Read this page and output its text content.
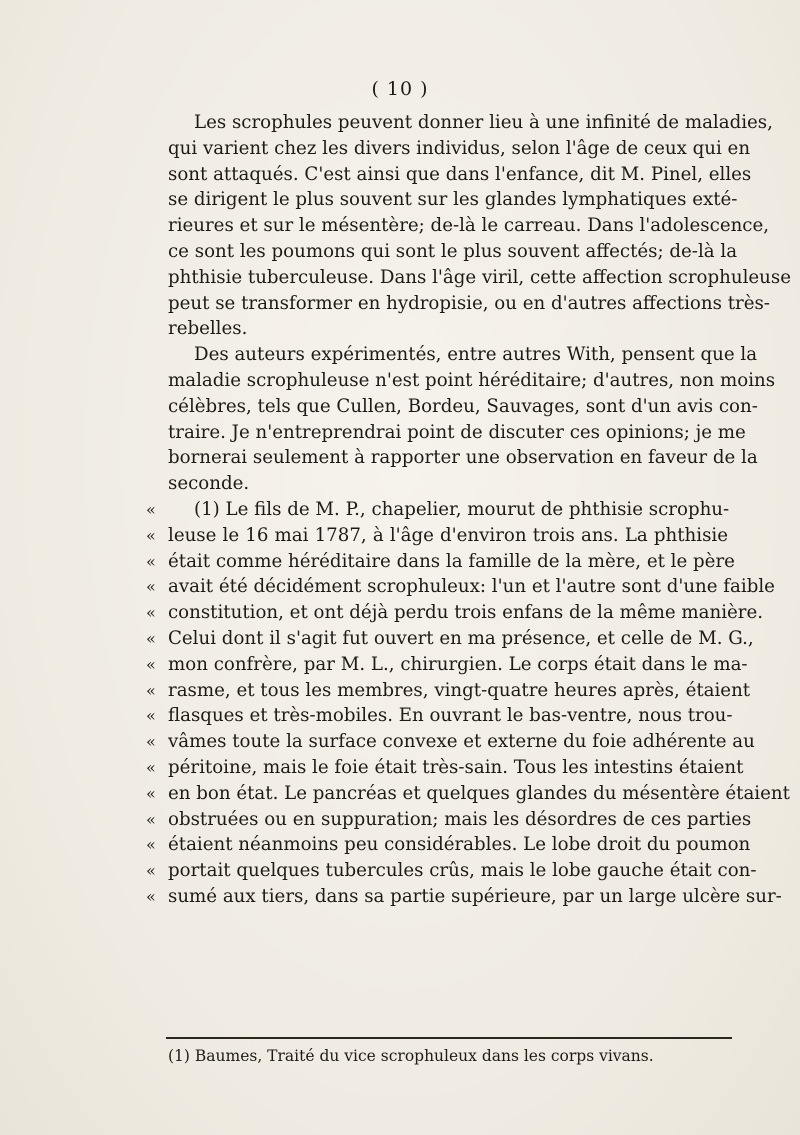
( 10 )
Les scrophules peuvent donner lieu à une infinité de maladies,
qui varient chez les divers individus, selon l'âge de ceux qui en
sont attaqués. C'est ainsi que dans l'enfance, dit M. Pinel, elles
se dirigent le plus souvent sur les glandes lymphatiques exté-
rieures et sur le mésentère; de-là le carreau. Dans l'adolescence,
ce sont les poumons qui sont le plus souvent affectés; de-là la
phthisie tuberculeuse. Dans l'âge viril, cette affection scrophuleuse
peut se transformer en hydropisie, ou en d'autres affections très-
rebelles.
Des auteurs expérimentés, entre autres With, pensent que la
maladie scrophuleuse n'est point héréditaire; d'autres, non moins
célèbres, tels que Cullen, Bordeu, Sauvages, sont d'un avis con-
traire. Je n'entreprendrai point de discuter ces opinions; je me
bornerai seulement à rapporter une observation en faveur de la
seconde.
« (1) Le fils de M. P., chapelier, mourut de phthisie scrophu-
« leuse le 16 mai 1787, à l'âge d'environ trois ans. La phthisie
« était comme héréditaire dans la famille de la mère, et le père
« avait été décidément scrophuleux: l'un et l'autre sont d'une faible
« constitution, et ont déjà perdu trois enfans de la même manière.
« Celui dont il s'agit fut ouvert en ma présence, et celle de M. G.,
« mon confrère, par M. L., chirurgien. Le corps était dans le ma-
« rasme, et tous les membres, vingt-quatre heures après, étaient
« flasques et très-mobiles. En ouvrant le bas-ventre, nous trou-
« vâmes toute la surface convexe et externe du foie adhérente au
« péritoine, mais le foie était très-sain. Tous les intestins étaient
« en bon état. Le pancréas et quelques glandes du mésentère étaient
« obstruées ou en suppuration; mais les désordres de ces parties
« étaient néanmoins peu considérables. Le lobe droit du poumon
« portait quelques tubercules crûs, mais le lobe gauche était con-
« sumé aux tiers, dans sa partie supérieure, par un large ulcère sur-
(1) Baumes, Traité du vice scrophuleux dans les corps vivans.
